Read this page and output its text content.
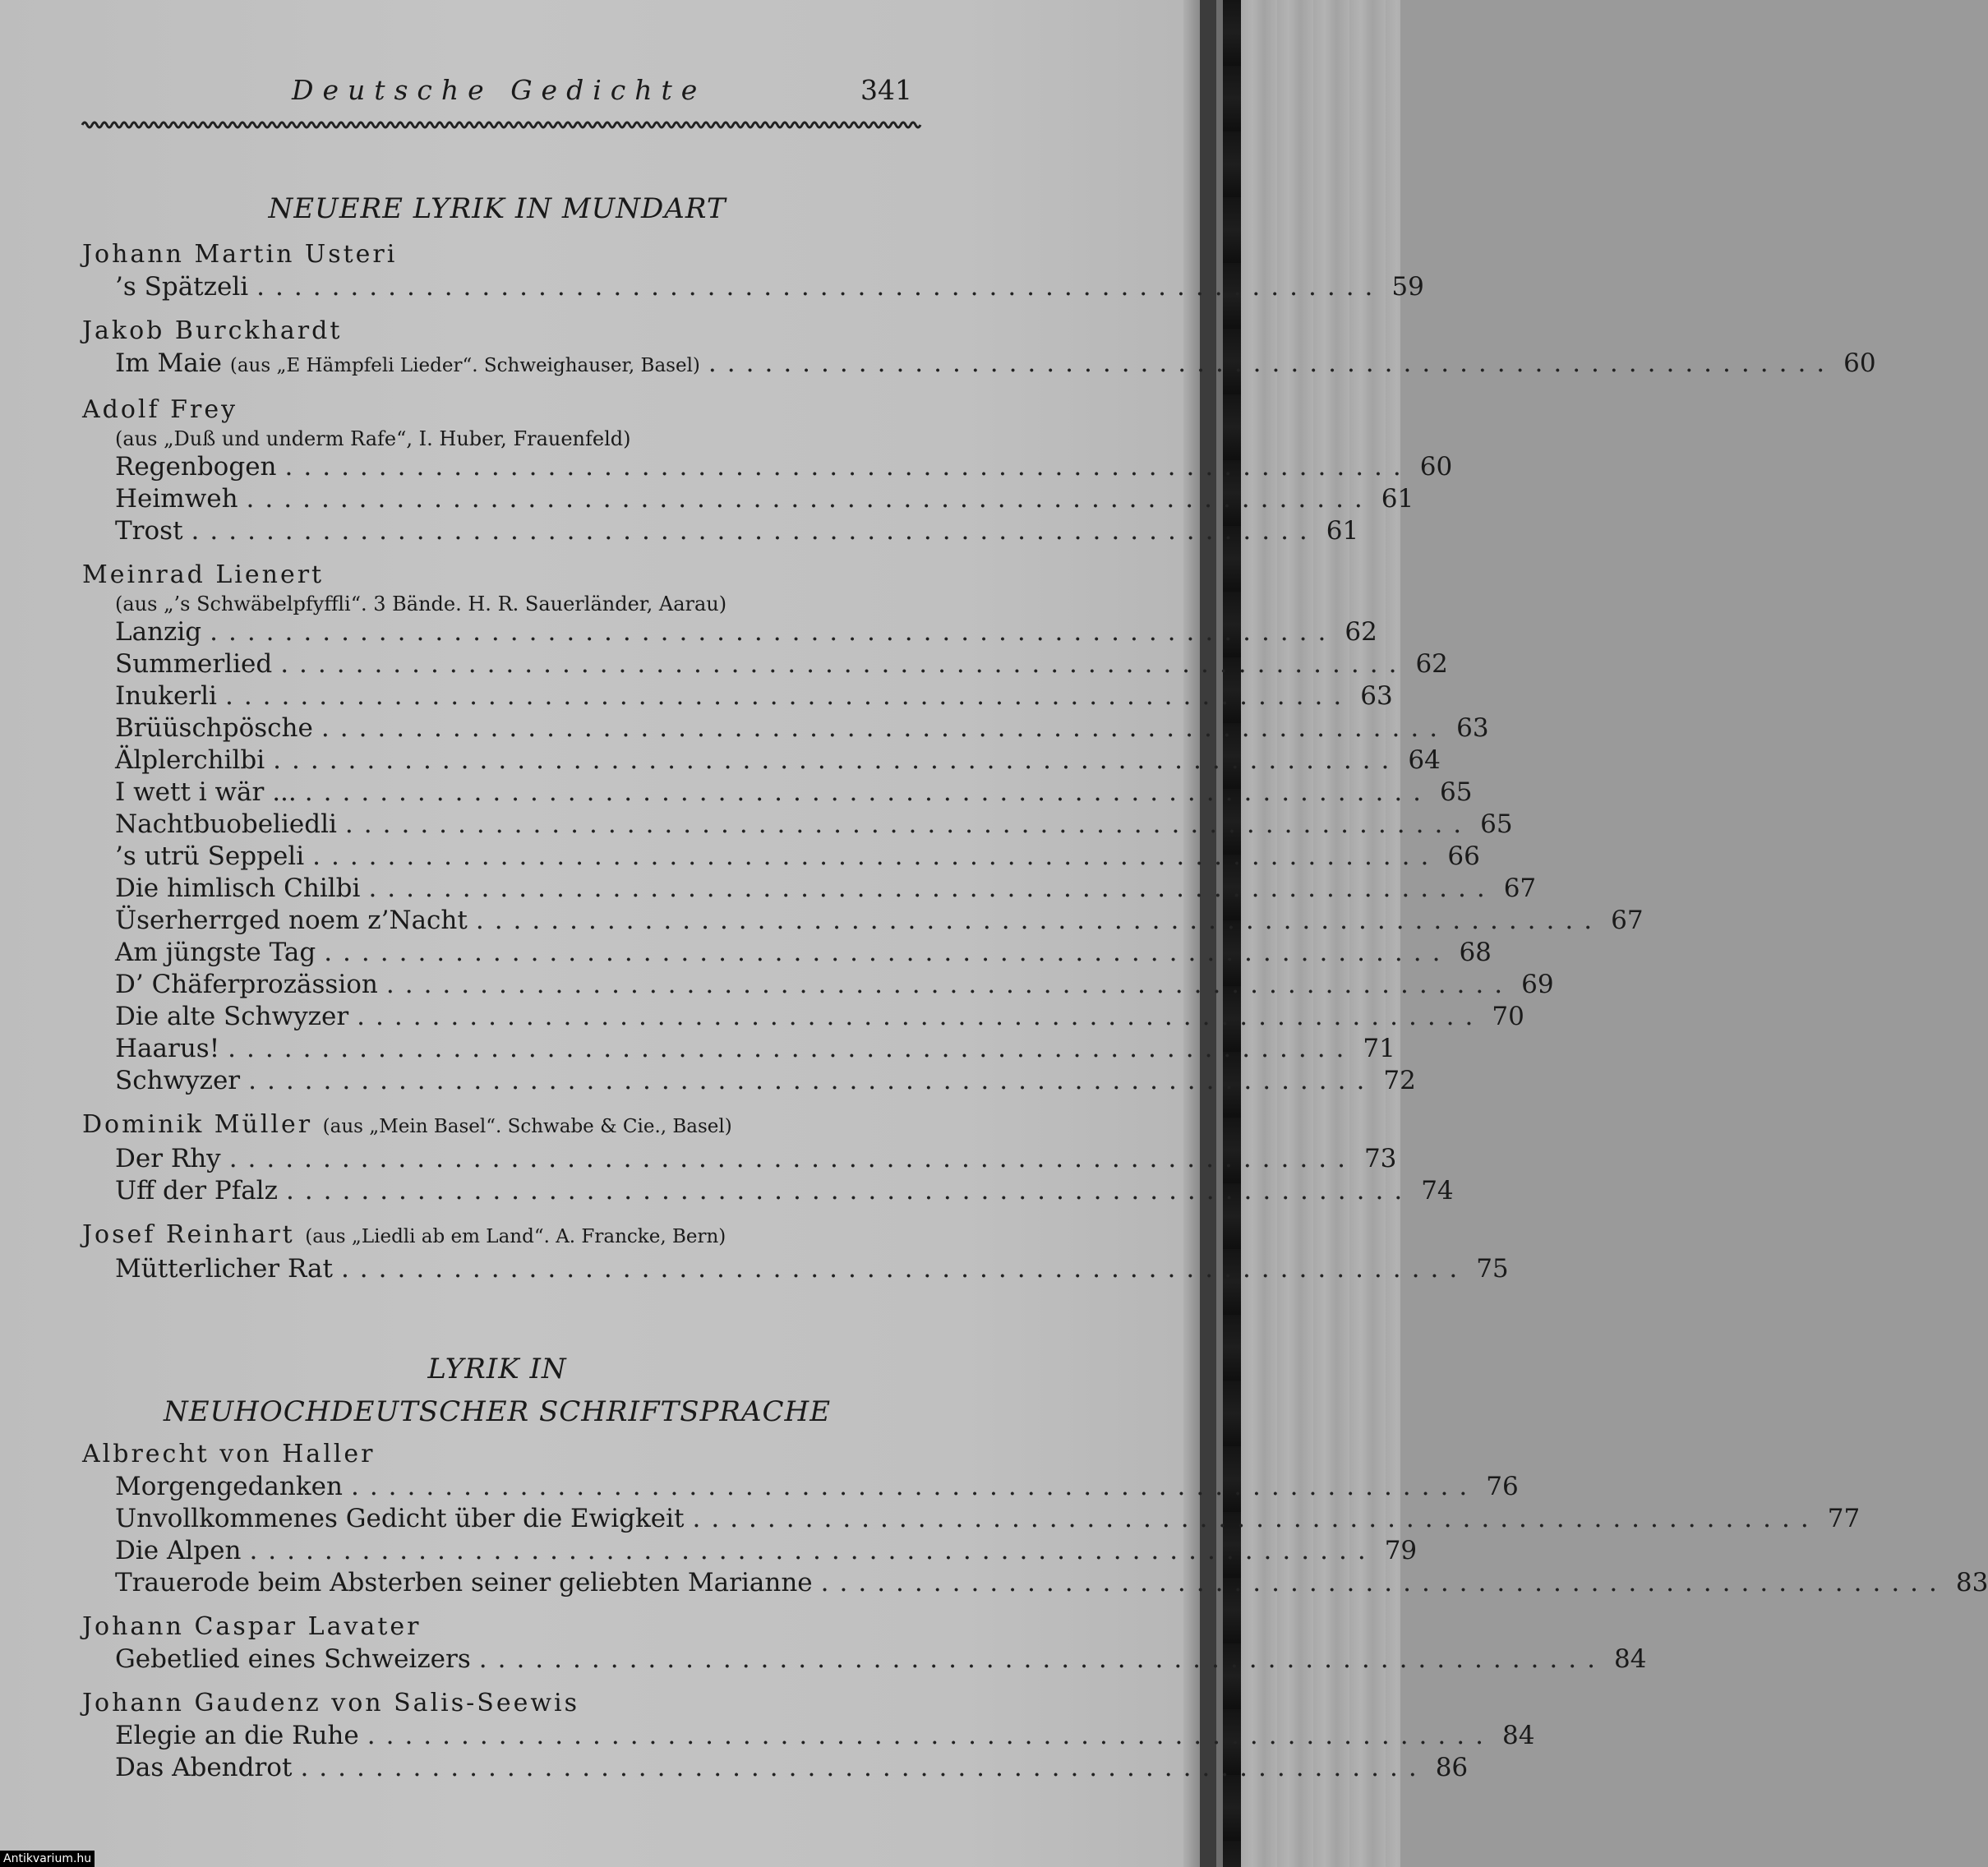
Deutsche Gedichte	341
NEUERE LYRIK IN MUNDART
Johann Martin Usteri
’s Spätzeli ............................................................ 59
Jakob Burckhardt
Im Maie (aus „E Hämpfeli Lieder“. Schweighauser, Basel) ............................................................ 60
Adolf Frey
(aus „Duß und underm Rafe“, I. Huber, Frauenfeld)
Regenbogen ............................................................ 60
Heimweh ............................................................ 61
Trost ............................................................ 61
Meinrad Lienert
(aus „’s Schwäbelpfyffli“. 3 Bände. H. R. Sauerländer, Aarau)
Lanzig ............................................................ 62
Summerlied ............................................................ 62
Inukerli ............................................................ 63
Brüüschpösche ............................................................ 63
Älplerchilbi ............................................................ 64
I wett i wär ... ............................................................ 65
Nachtbuobeliedli ............................................................ 65
’s utrü Seppeli ............................................................ 66
Die himlisch Chilbi ............................................................ 67
Üserherrged noem z’Nacht ............................................................ 67
Am jüngste Tag ............................................................ 68
D’ Chäferprozässion ............................................................ 69
Die alte Schwyzer ............................................................ 70
Haarus! ............................................................ 71
Schwyzer ............................................................ 72
Dominik Müller (aus „Mein Basel“. Schwabe & Cie., Basel)
Der Rhy ............................................................ 73
Uff der Pfalz ............................................................ 74
Josef Reinhart (aus „Liedli ab em Land“. A. Francke, Bern)
Mütterlicher Rat ............................................................ 75
LYRIK IN
NEUHOCHDEUTSCHER SCHRIFTSPRACHE
Albrecht von Haller
Morgengedanken ............................................................ 76
Unvollkommenes Gedicht über die Ewigkeit ............................................................ 77
Die Alpen ............................................................ 79
Trauerode beim Absterben seiner geliebten Marianne ............................................................ 83
Johann Caspar Lavater
Gebetlied eines Schweizers ............................................................ 84
Johann Gaudenz von Salis-Seewis
Elegie an die Ruhe ............................................................ 84
Das Abendrot ............................................................ 86
Antikvarium.hu
